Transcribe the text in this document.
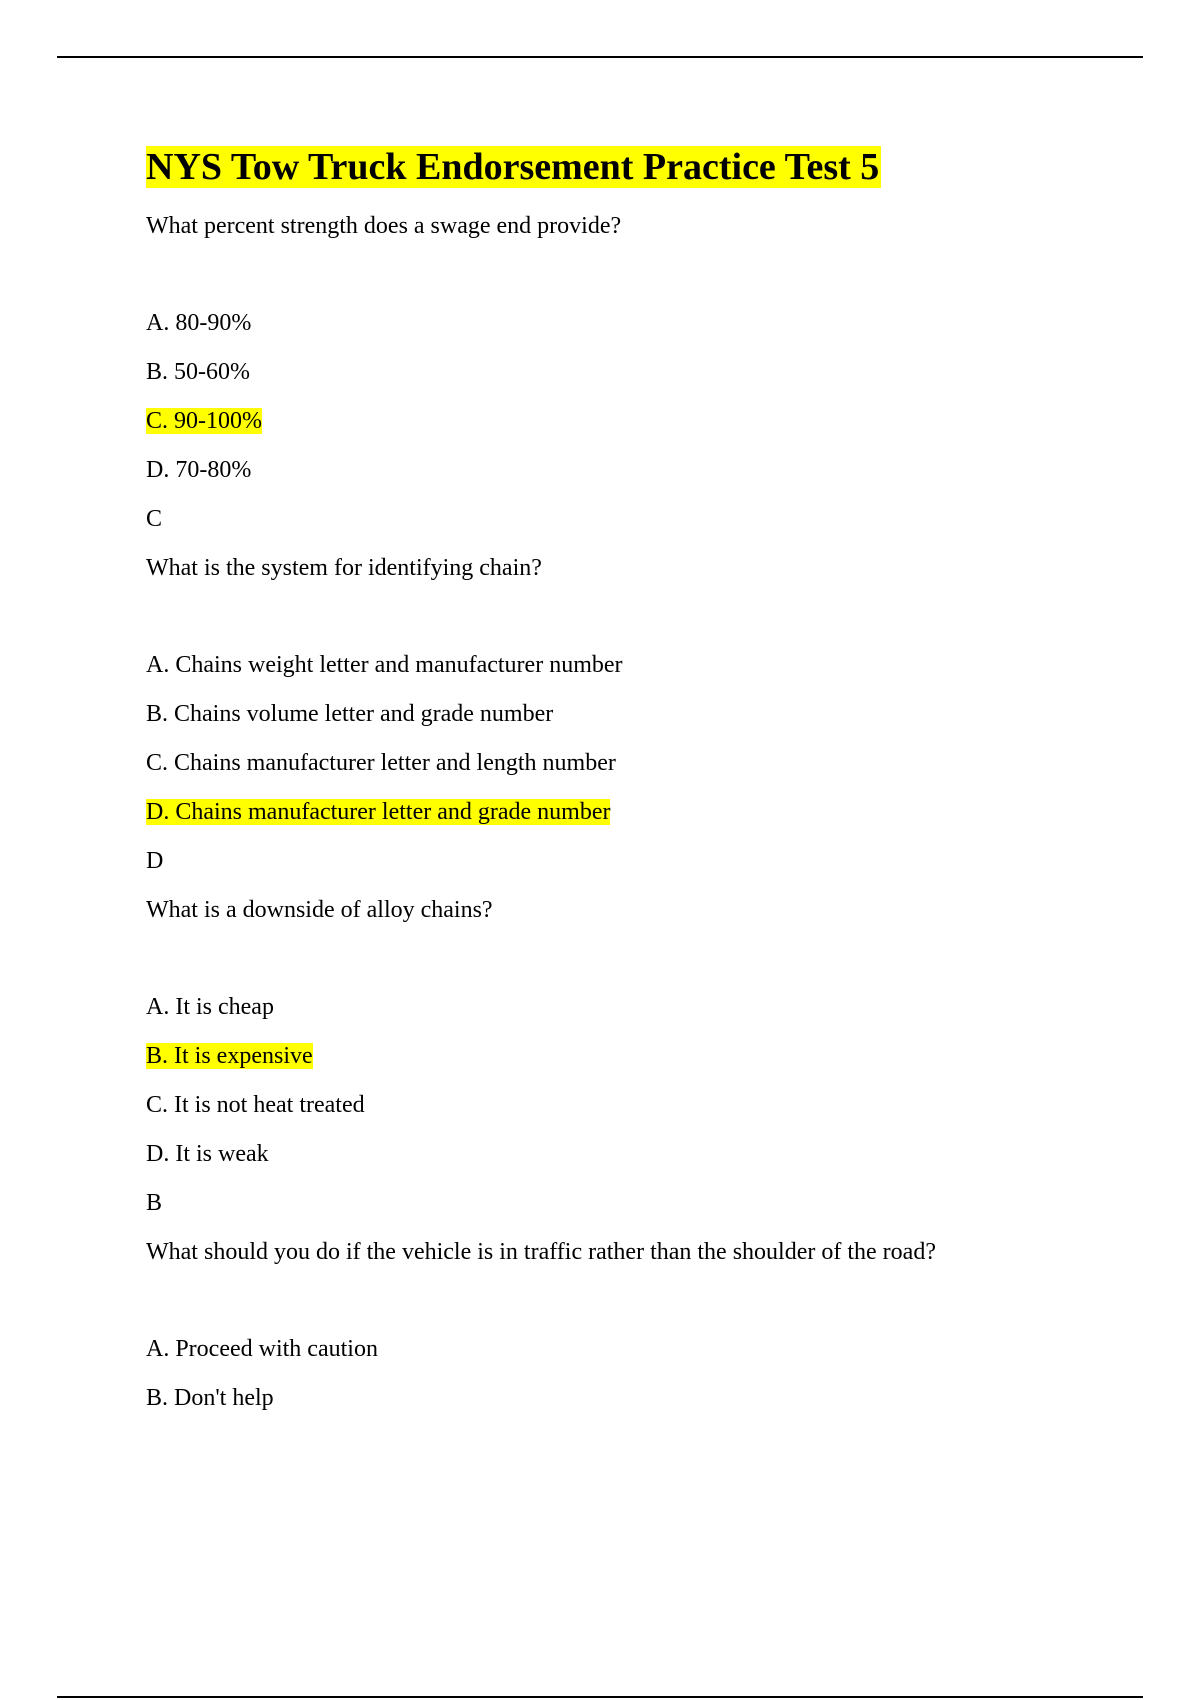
NYS Tow Truck Endorsement Practice Test 5
What percent strength does a swage end provide?
A. 80-90%
B. 50-60%
C. 90-100%
D. 70-80%
C
What is the system for identifying chain?
A. Chains weight letter and manufacturer number
B. Chains volume letter and grade number
C. Chains manufacturer letter and length number
D. Chains manufacturer letter and grade number
D
What is a downside of alloy chains?
A. It is cheap
B. It is expensive
C. It is not heat treated
D. It is weak
B
What should you do if the vehicle is in traffic rather than the shoulder of the road?
A. Proceed with caution
B. Don't help
